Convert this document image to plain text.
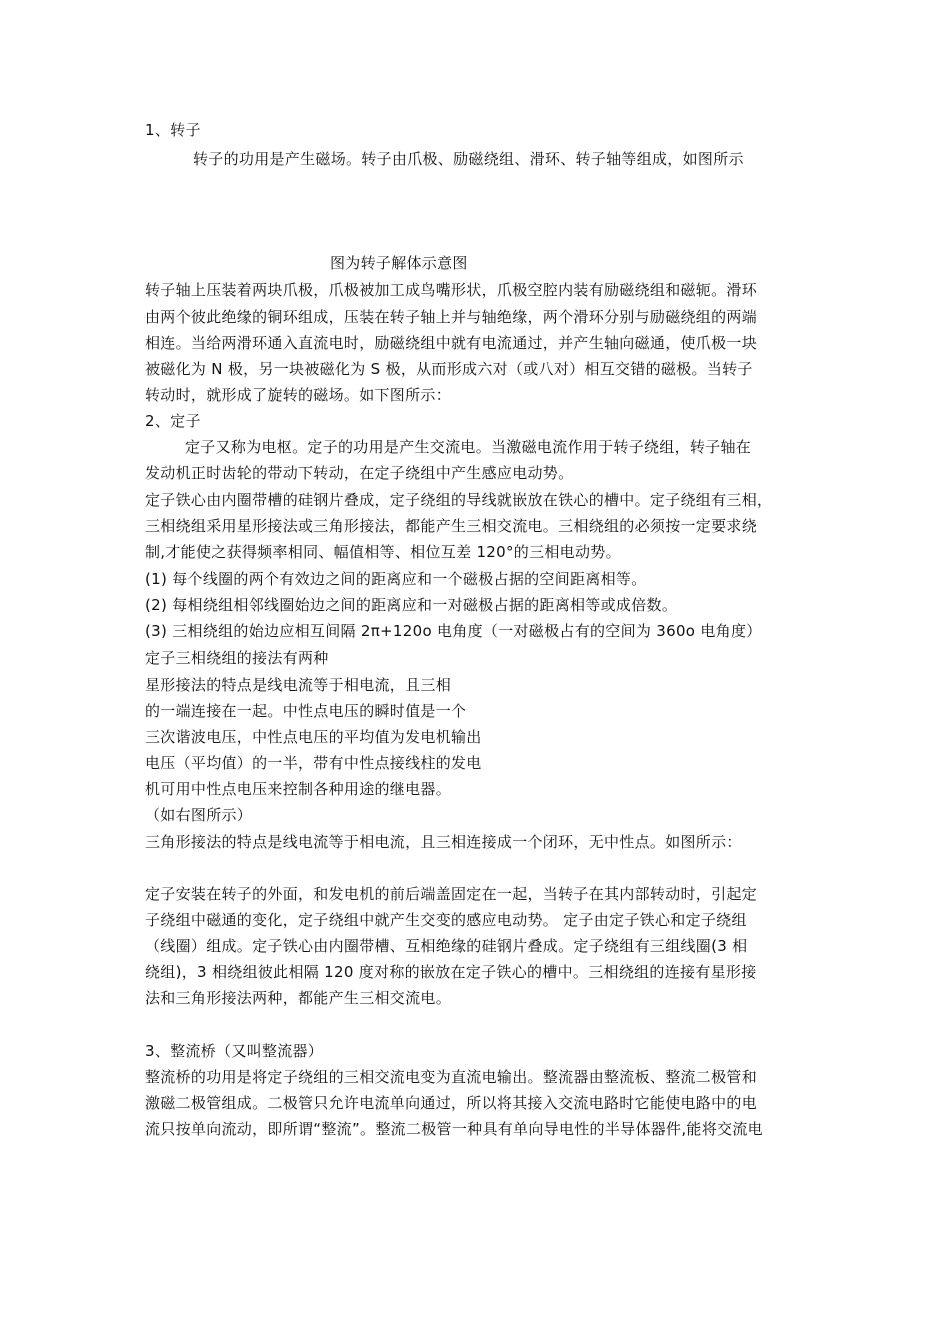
1、转子
转子的功用是产生磁场。转子由爪极、励磁绕组、滑环、转子轴等组成，如图所示
图为转子解体示意图
转子轴上压装着两块爪极，爪极被加工成鸟嘴形状，爪极空腔内装有励磁绕组和磁轭。滑环
由两个彼此绝缘的铜环组成，压装在转子轴上并与轴绝缘，两个滑环分别与励磁绕组的两端
相连。当给两滑环通入直流电时，励磁绕组中就有电流通过，并产生轴向磁通，使爪极一块
被磁化为 N 极，另一块被磁化为 S 极，从而形成六对（或八对）相互交错的磁极。当转子
转动时，就形成了旋转的磁场。如下图所示：
2、定子
定子又称为电枢。定子的功用是产生交流电。当激磁电流作用于转子绕组，转子轴在
发动机正时齿轮的带动下转动，在定子绕组中产生感应电动势。
定子铁心由内圈带槽的硅钢片叠成，定子绕组的导线就嵌放在铁心的槽中。定子绕组有三相，
三相绕组采用星形接法或三角形接法，都能产生三相交流电。三相绕组的必须按一定要求绕
制,才能使之获得频率相同、幅值相等、相位互差 120°的三相电动势。
(1) 每个线圈的两个有效边之间的距离应和一个磁极占据的空间距离相等。
(2) 每相绕组相邻线圈始边之间的距离应和一对磁极占据的距离相等或成倍数。
(3) 三相绕组的始边应相互间隔 2π+120o 电角度（一对磁极占有的空间为 360o 电角度）
定子三相绕组的接法有两种
星形接法的特点是线电流等于相电流，且三相
的一端连接在一起。中性点电压的瞬时值是一个
三次谐波电压，中性点电压的平均值为发电机输出
电压（平均值）的一半，带有中性点接线柱的发电
机可用中性点电压来控制各种用途的继电器。
（如右图所示）
三角形接法的特点是线电流等于相电流，且三相连接成一个闭环，无中性点。如图所示：
定子安装在转子的外面，和发电机的前后端盖固定在一起，当转子在其内部转动时，引起定
子绕组中磁通的变化，定子绕组中就产生交变的感应电动势。 定子由定子铁心和定子绕组
（线圈）组成。定子铁心由内圈带槽、互相绝缘的硅钢片叠成。定子绕组有三组线圈(3 相
绕组)，3 相绕组彼此相隔 120 度对称的嵌放在定子铁心的槽中。三相绕组的连接有星形接
法和三角形接法两种，都能产生三相交流电。
3、整流桥（又叫整流器）
整流桥的功用是将定子绕组的三相交流电变为直流电输出。整流器由整流板、整流二极管和
激磁二极管组成。二极管只允许电流单向通过，所以将其接入交流电路时它能使电路中的电
流只按单向流动，即所谓“整流”。整流二极管一种具有单向导电性的半导体器件,能将交流电
